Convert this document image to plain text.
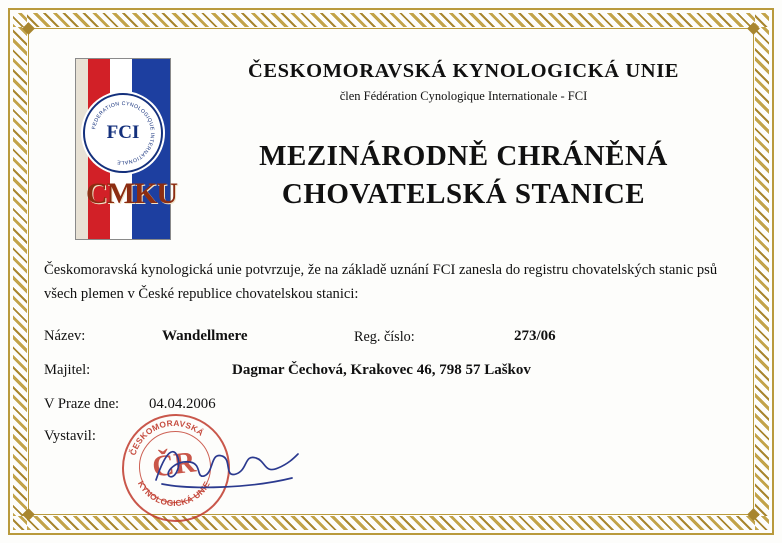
FEDERATION CYNOLOGIQUE INTERNATIONALE
FCI
CMKU
ČESKOMORAVSKÁ KYNOLOGICKÁ UNIE
člen Fédération Cynologique Internationale - FCI
MEZINÁRODNĚ CHRÁNĚNÁ
CHOVATELSKÁ STANICE
Českomoravská kynologická unie potvrzuje, že na základě uznání FCI zanesla do registru chovatelských stanic psů všech plemen v České republice chovatelskou stanici:
Název:	Wandellmere	Reg. číslo:	273/06
Majitel:	Dagmar Čechová, Krakovec 46, 798 57 Laškov
V Praze dne: 04.04.2006
Vystavil:
ČESKOMORAVSKÁ
KYNOLOGICKÁ UNIE
ČR
